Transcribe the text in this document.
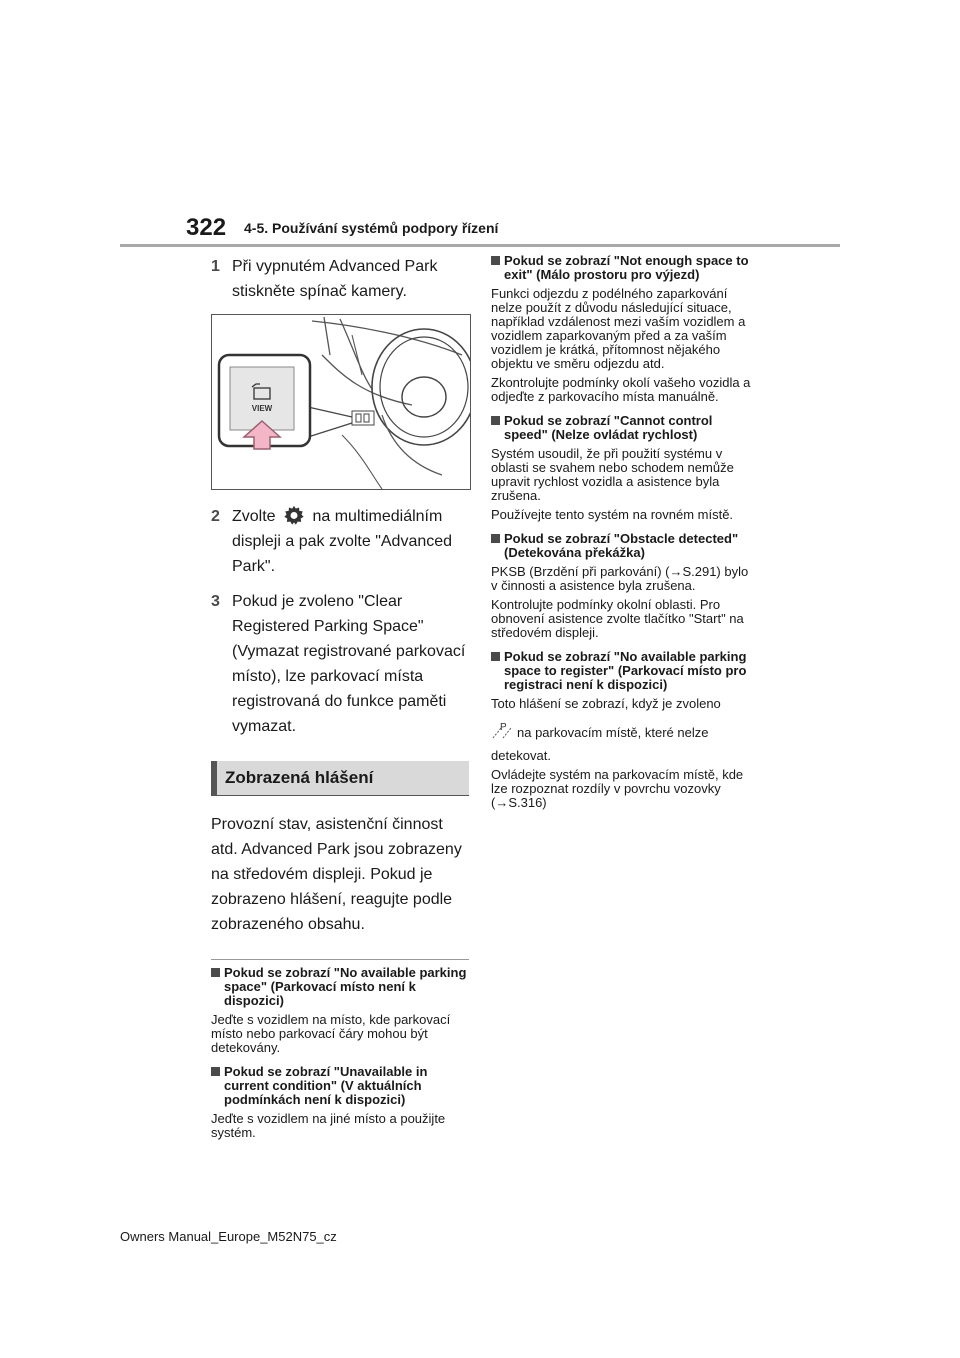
322 4-5. Používání systémů podpory řízení
1 Při vypnutém Advanced Park stiskněte spínač kamery.
VIEW
2 Zvolte na multimediálním displeji a pak zvolte "Advanced Park".
3 Pokud je zvoleno "Clear Registered Parking Space" (Vymazat registrované parkovací místo), lze parkovací místa registrovaná do funkce paměti vymazat.
Zobrazená hlášení
Provozní stav, asistenční činnost atd. Advanced Park jsou zobrazeny na středovém displeji. Pokud je zobrazeno hlášení, reagujte podle zobrazeného obsahu.
Pokud se zobrazí "No available parking space" (Parkovací místo není k dispozici)
Jeďte s vozidlem na místo, kde parkovací místo nebo parkovací čáry mohou být detekovány.
Pokud se zobrazí "Unavailable in current condition" (V aktuálních podmínkách není k dispozici)
Jeďte s vozidlem na jiné místo a použijte systém.
Pokud se zobrazí "Not enough space to exit" (Málo prostoru pro výjezd)
Funkci odjezdu z podélného zaparkování nelze použít z důvodu následující situace, například vzdálenost mezi vaším vozidlem a vozidlem zaparkovaným před a za vaším vozidlem je krátká, přítomnost nějakého objektu ve směru odjezdu atd.
Zkontrolujte podmínky okolí vašeho vozidla a odjeďte z parkovacího místa manuálně.
Pokud se zobrazí "Cannot control speed" (Nelze ovládat rychlost)
Systém usoudil, že při použití systému v oblasti se svahem nebo schodem nemůže upravit rychlost vozidla a asistence byla zrušena.
Používejte tento systém na rovném místě.
Pokud se zobrazí "Obstacle detected" (Detekována překážka)
PKSB (Brzdění při parkování) (→S.291) bylo v činnosti a asistence byla zrušena.
Kontrolujte podmínky okolní oblasti. Pro obnovení asistence zvolte tlačítko "Start" na středovém displeji.
Pokud se zobrazí "No available parking space to register" (Parkovací místo pro registraci není k dispozici)
Toto hlášení se zobrazí, když je zvoleno
P na parkovacím místě, které nelze
detekovat.
Ovládejte systém na parkovacím místě, kde lze rozpoznat rozdíly v povrchu vozovky (→S.316)
Owners Manual_Europe_M52N75_cz
